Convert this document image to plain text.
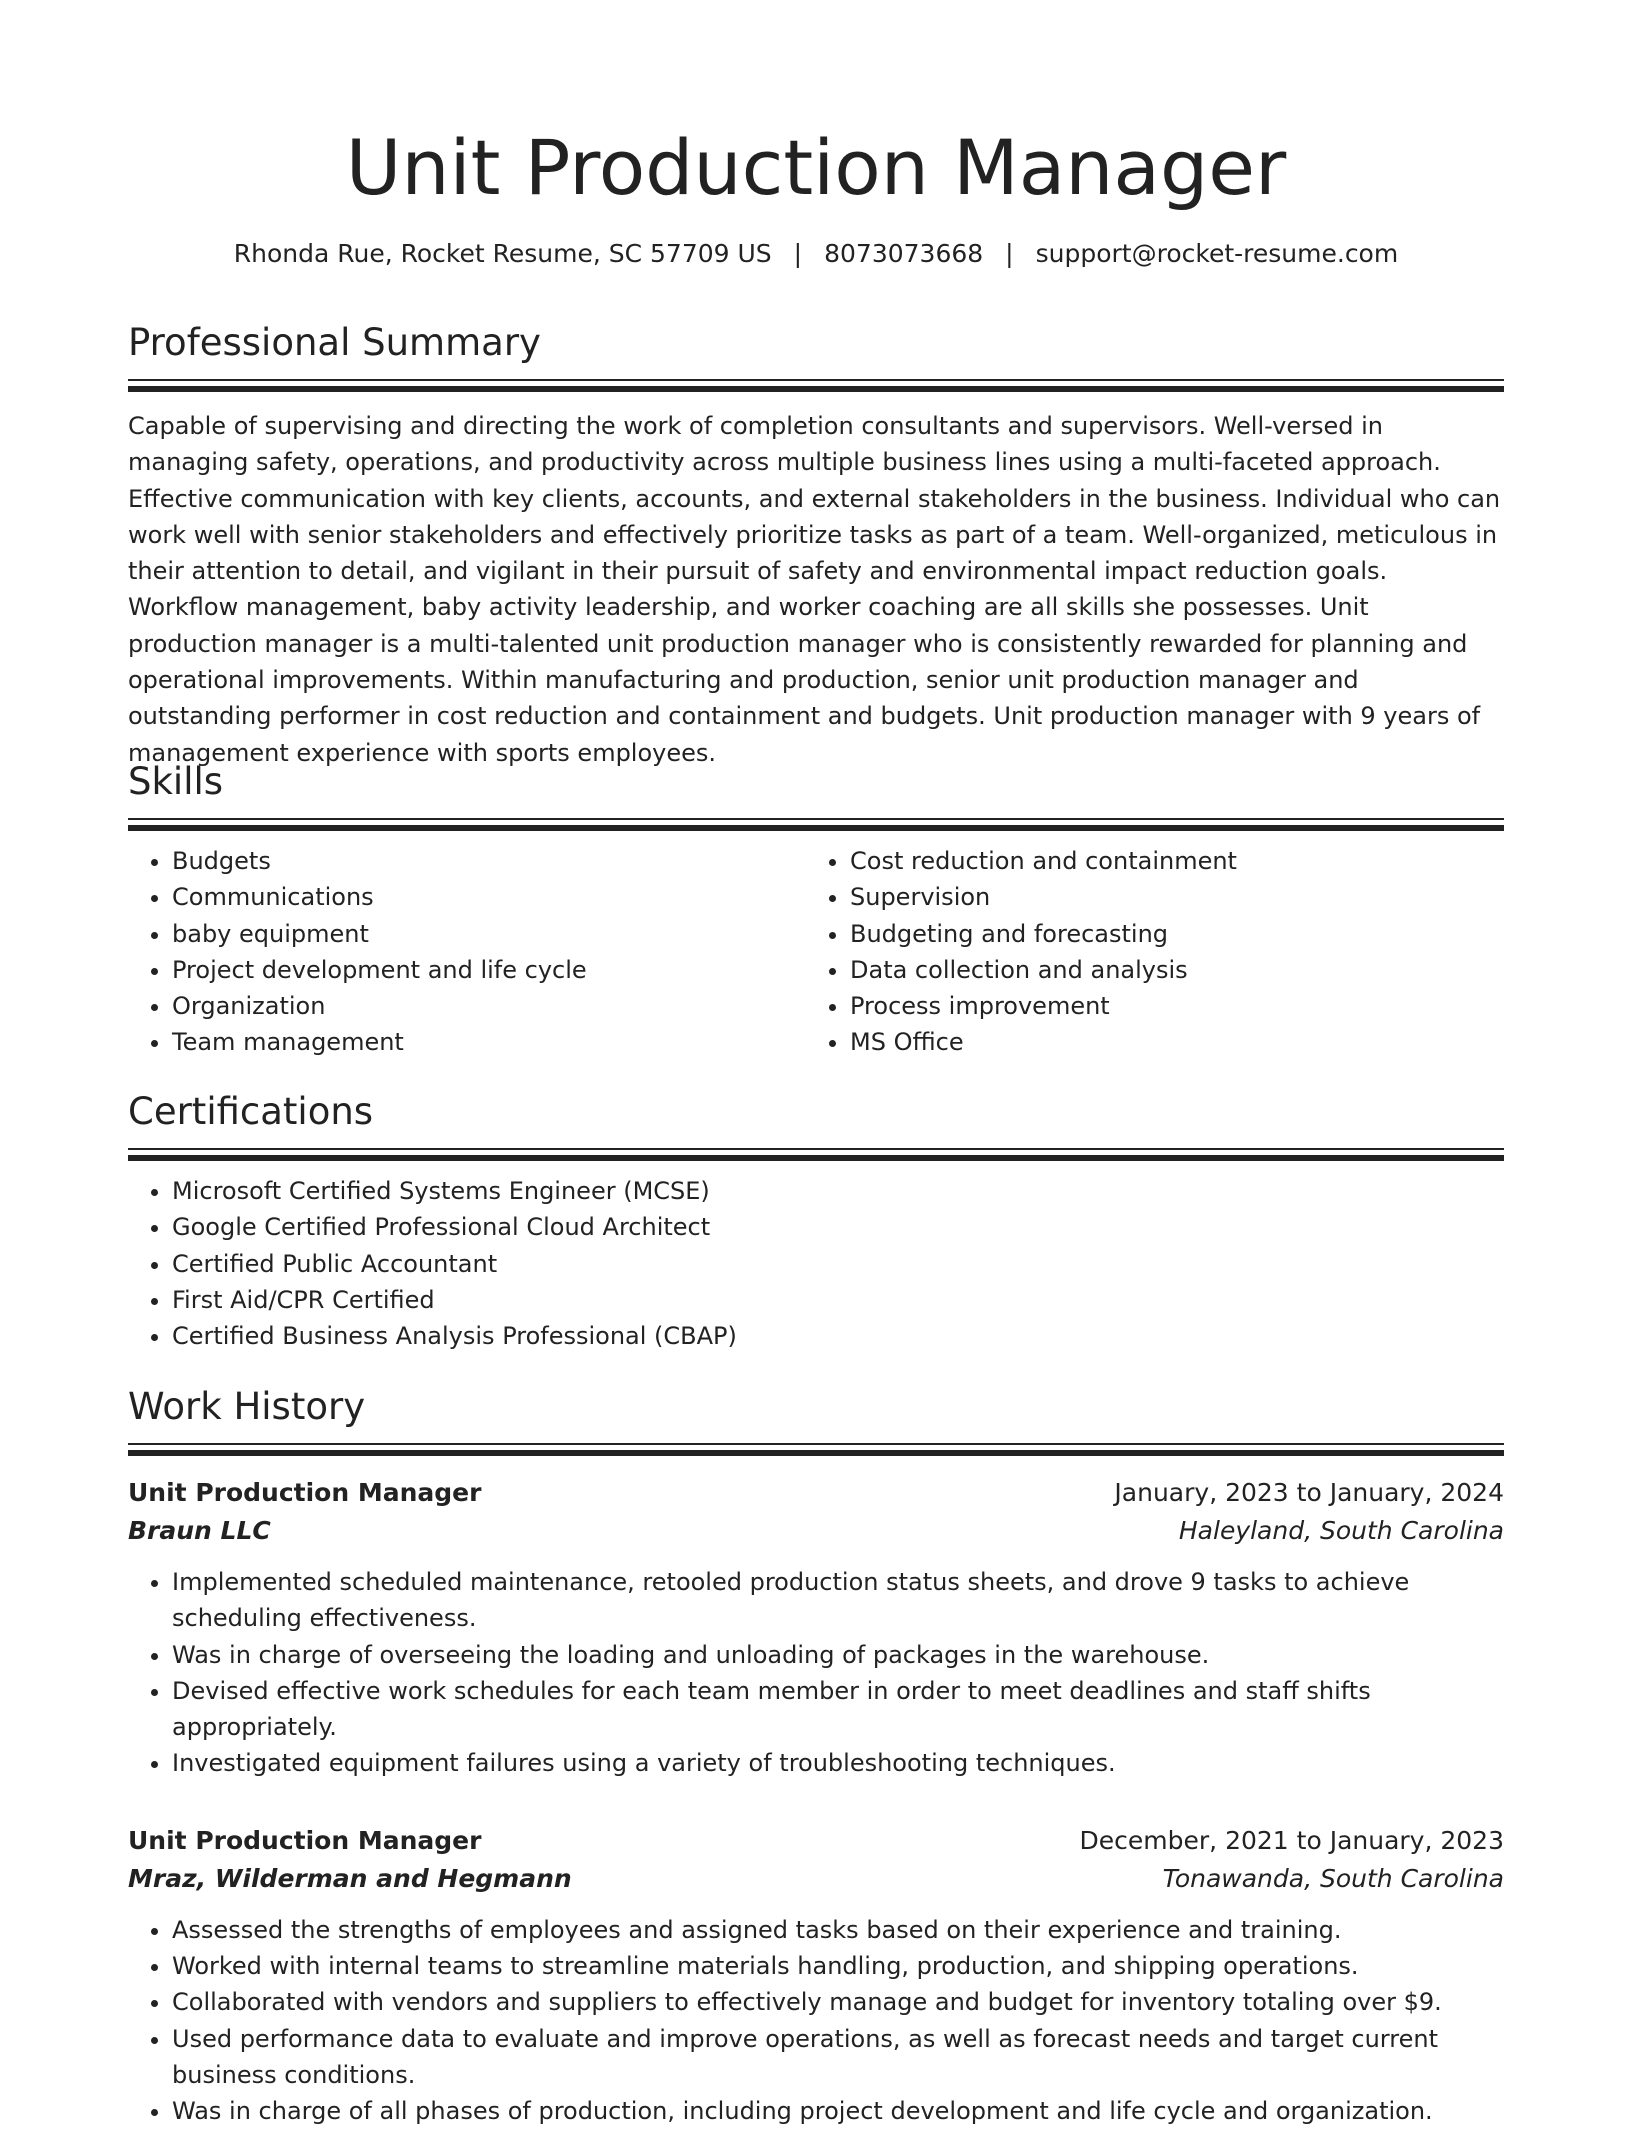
Unit Production Manager
Rhonda Rue, Rocket Resume, SC 57709 US | 8073073668 | support@rocket-resume.com
Professional Summary

Capable of supervising and directing the work of completion consultants and supervisors. Well-versed in managing safety, operations, and productivity across multiple business lines using a multi-faceted approach. Effective communication with key clients, accounts, and external stakeholders in the business. Individual who can work well with senior stakeholders and effectively prioritize tasks as part of a team. Well-organized, meticulous in their attention to detail, and vigilant in their pursuit of safety and environmental impact reduction goals. Workflow management, baby activity leadership, and worker coaching are all skills she possesses. Unit production manager is a multi-talented unit production manager who is consistently rewarded for planning and operational improvements. Within manufacturing and production, senior unit production manager and outstanding performer in cost reduction and containment and budgets. Unit production manager with 9 years of management experience with sports employees.

Skills
• Budgets
• Communications
• baby equipment
• Project development and life cycle
• Organization
• Team management
• Cost reduction and containment
• Supervision
• Budgeting and forecasting
• Data collection and analysis
• Process improvement
• MS Office
Certifications
• Microsoft Certified Systems Engineer (MCSE)
• Google Certified Professional Cloud Architect
• Certified Public Accountant
• First Aid/CPR Certified
• Certified Business Analysis Professional (CBAP)
Work History
Unit Production Manager	January, 2023 to January, 2024
Braun LLC	Haleyland, South Carolina
• Implemented scheduled maintenance, retooled production status sheets, and drove 9 tasks to achieve scheduling effectiveness.
• Was in charge of overseeing the loading and unloading of packages in the warehouse.
• Devised effective work schedules for each team member in order to meet deadlines and staff shifts appropriately.
• Investigated equipment failures using a variety of troubleshooting techniques.
Unit Production Manager	December, 2021 to January, 2023
Mraz, Wilderman and Hegmann	Tonawanda, South Carolina
• Assessed the strengths of employees and assigned tasks based on their experience and training.
• Worked with internal teams to streamline materials handling, production, and shipping operations.
• Collaborated with vendors and suppliers to effectively manage and budget for inventory totaling over $9.
• Used performance data to evaluate and improve operations, as well as forecast needs and target current business conditions.
• Was in charge of all phases of production, including project development and life cycle and organization.
